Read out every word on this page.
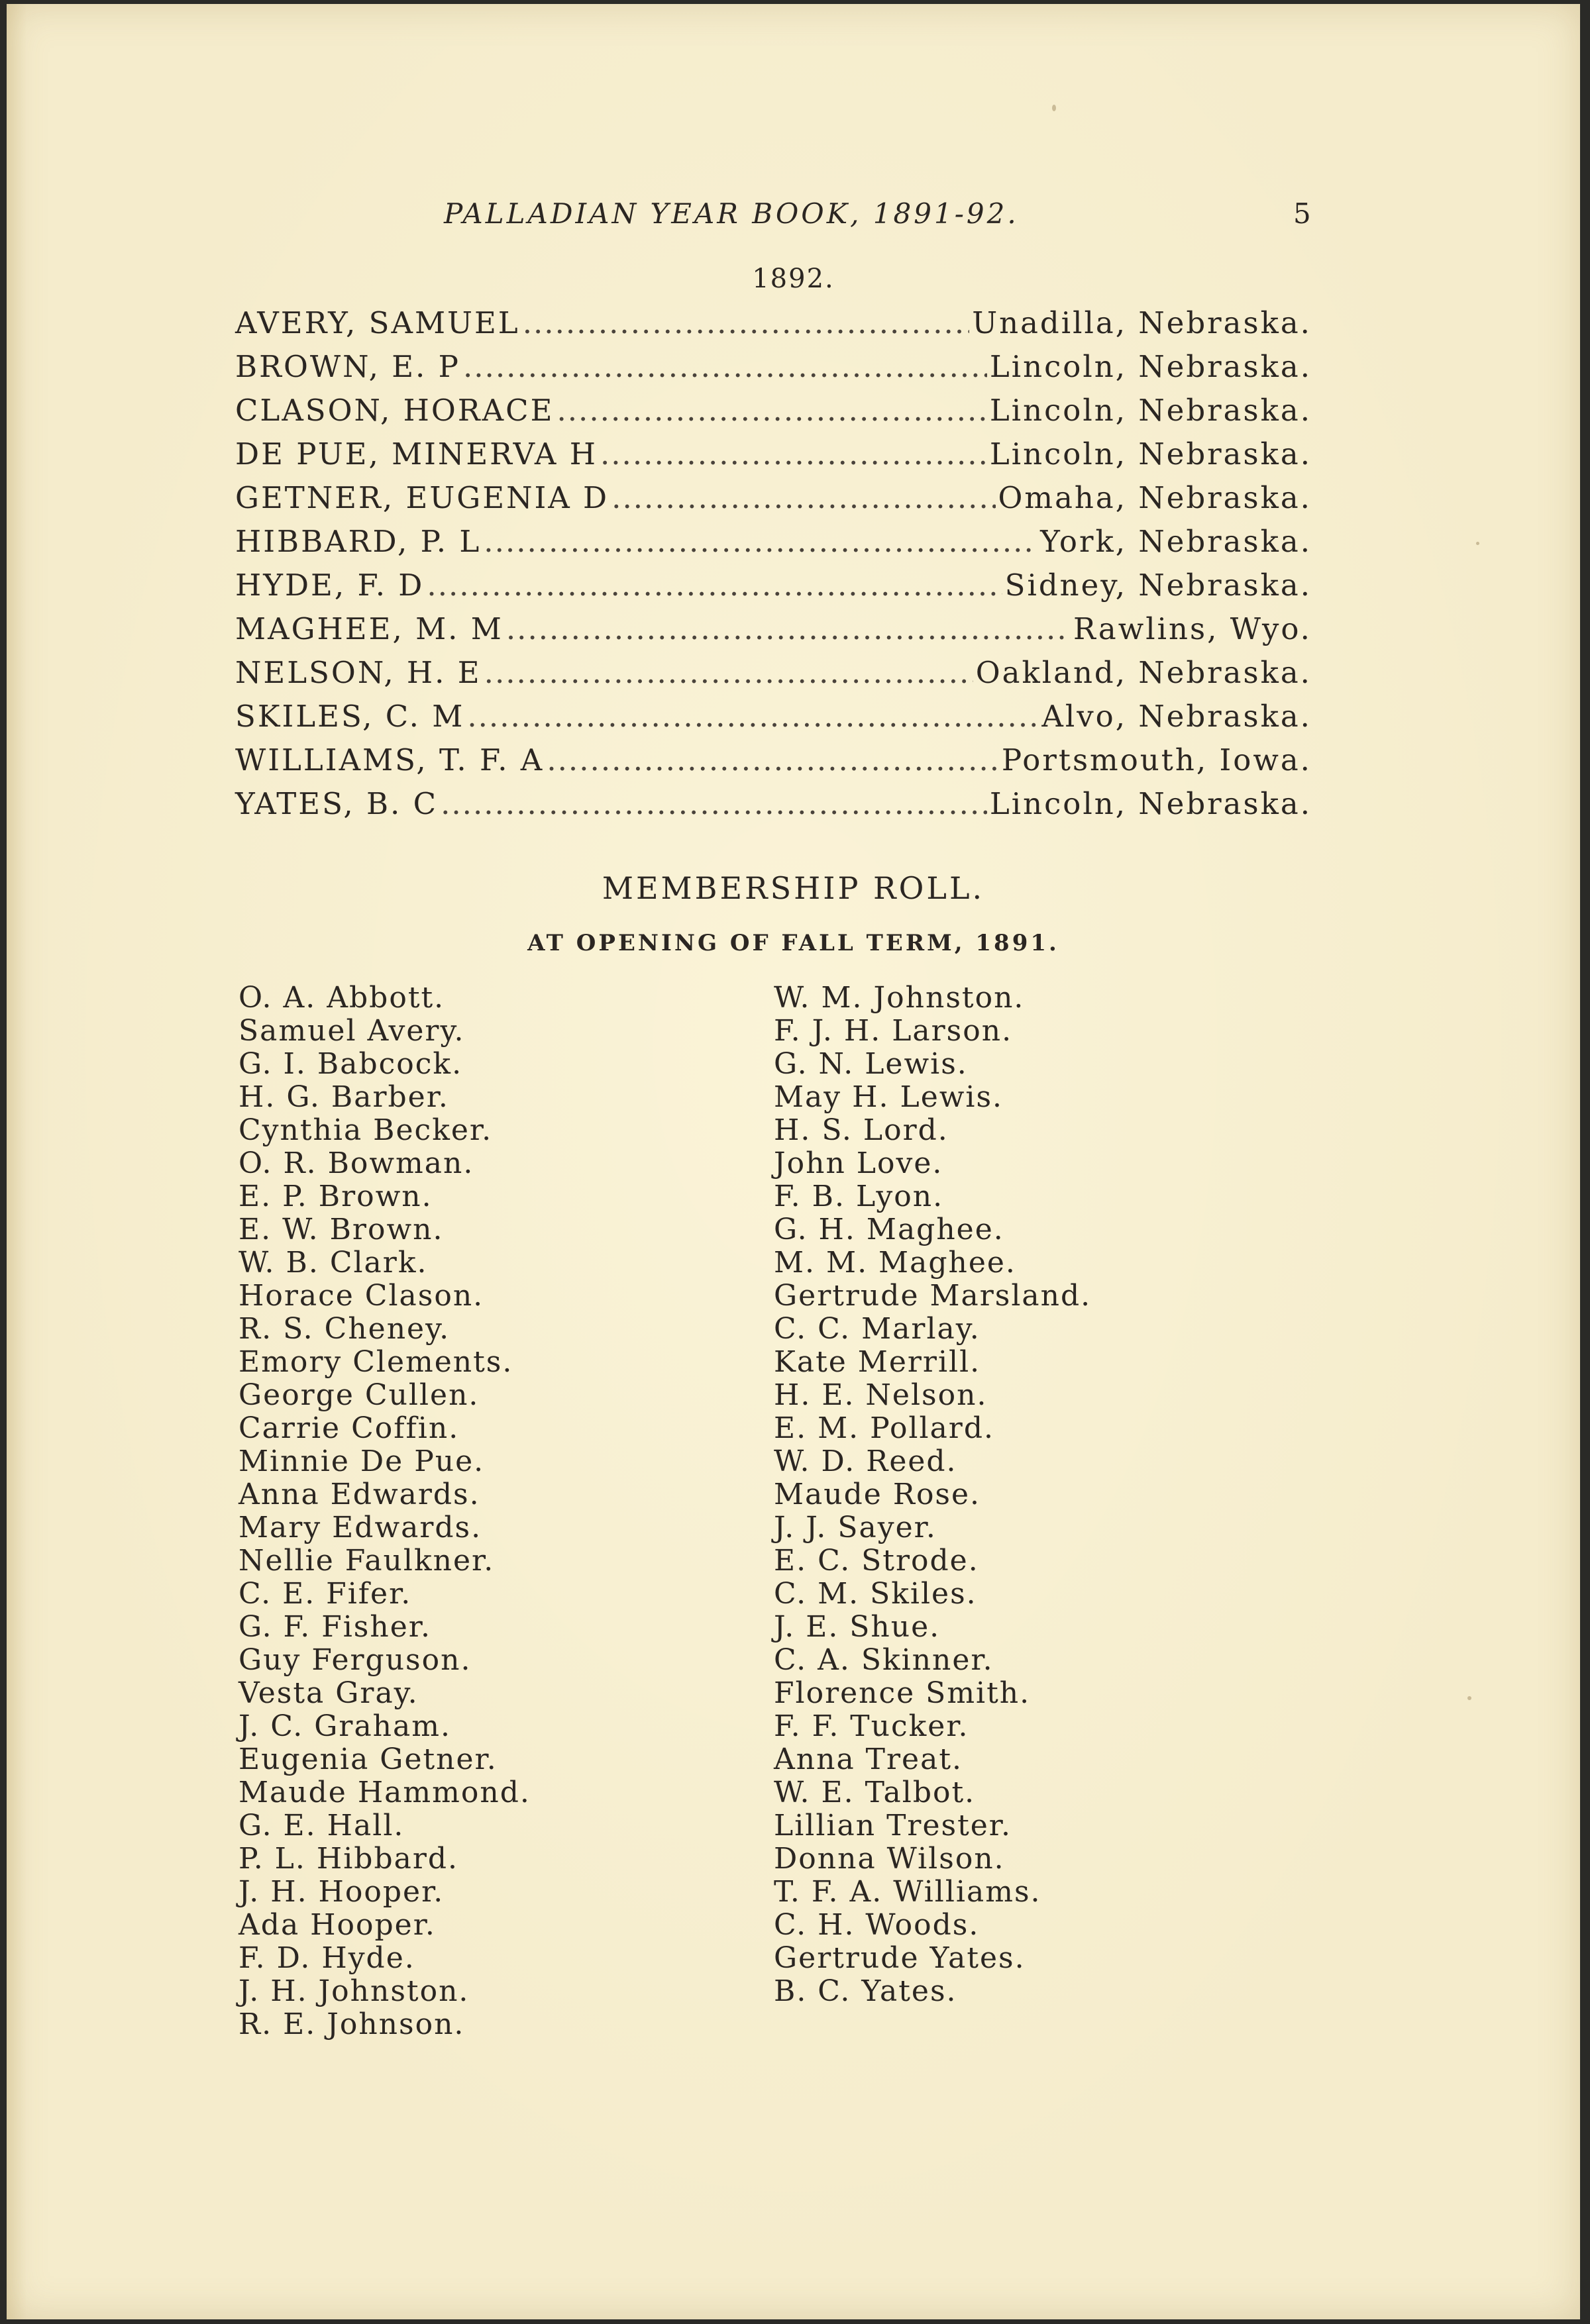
PALLADIAN YEAR BOOK, 1891-92.	5
1892.
AVERY, SAMUEL .....	Unadilla, Nebraska.
BROWN, E. P .....	Lincoln, Nebraska.
CLASON, HORACE .....	Lincoln, Nebraska.
DE PUE, MINERVA H .....	Lincoln, Nebraska.
GETNER, EUGENIA D .....	Omaha, Nebraska.
HIBBARD, P. L .....	York, Nebraska.
HYDE, F. D .....	Sidney, Nebraska.
MAGHEE, M. M .....	Rawlins, Wyo.
NELSON, H. E .....	Oakland, Nebraska.
SKILES, C. M .....	Alvo, Nebraska.
WILLIAMS, T. F. A .....	Portsmouth, Iowa.
YATES, B. C .....	Lincoln, Nebraska.
MEMBERSHIP ROLL.
AT OPENING OF FALL TERM, 1891.
O. A. Abbott.
Samuel Avery.
G. I. Babcock.
H. G. Barber.
Cynthia Becker.
O. R. Bowman.
E. P. Brown.
E. W. Brown.
W. B. Clark.
Horace Clason.
R. S. Cheney.
Emory Clements.
George Cullen.
Carrie Coffin.
Minnie De Pue.
Anna Edwards.
Mary Edwards.
Nellie Faulkner.
C. E. Fifer.
G. F. Fisher.
Guy Ferguson.
Vesta Gray.
J. C. Graham.
Eugenia Getner.
Maude Hammond.
G. E. Hall.
P. L. Hibbard.
J. H. Hooper.
Ada Hooper.
F. D. Hyde.
J. H. Johnston.
R. E. Johnson.
W. M. Johnston.
F. J. H. Larson.
G. N. Lewis.
May H. Lewis.
H. S. Lord.
John Love.
F. B. Lyon.
G. H. Maghee.
M. M. Maghee.
Gertrude Marsland.
C. C. Marlay.
Kate Merrill.
H. E. Nelson.
E. M. Pollard.
W. D. Reed.
Maude Rose.
J. J. Sayer.
E. C. Strode.
C. M. Skiles.
J. E. Shue.
C. A. Skinner.
Florence Smith.
F. F. Tucker.
Anna Treat.
W. E. Talbot.
Lillian Trester.
Donna Wilson.
T. F. A. Williams.
C. H. Woods.
Gertrude Yates.
B. C. Yates.
